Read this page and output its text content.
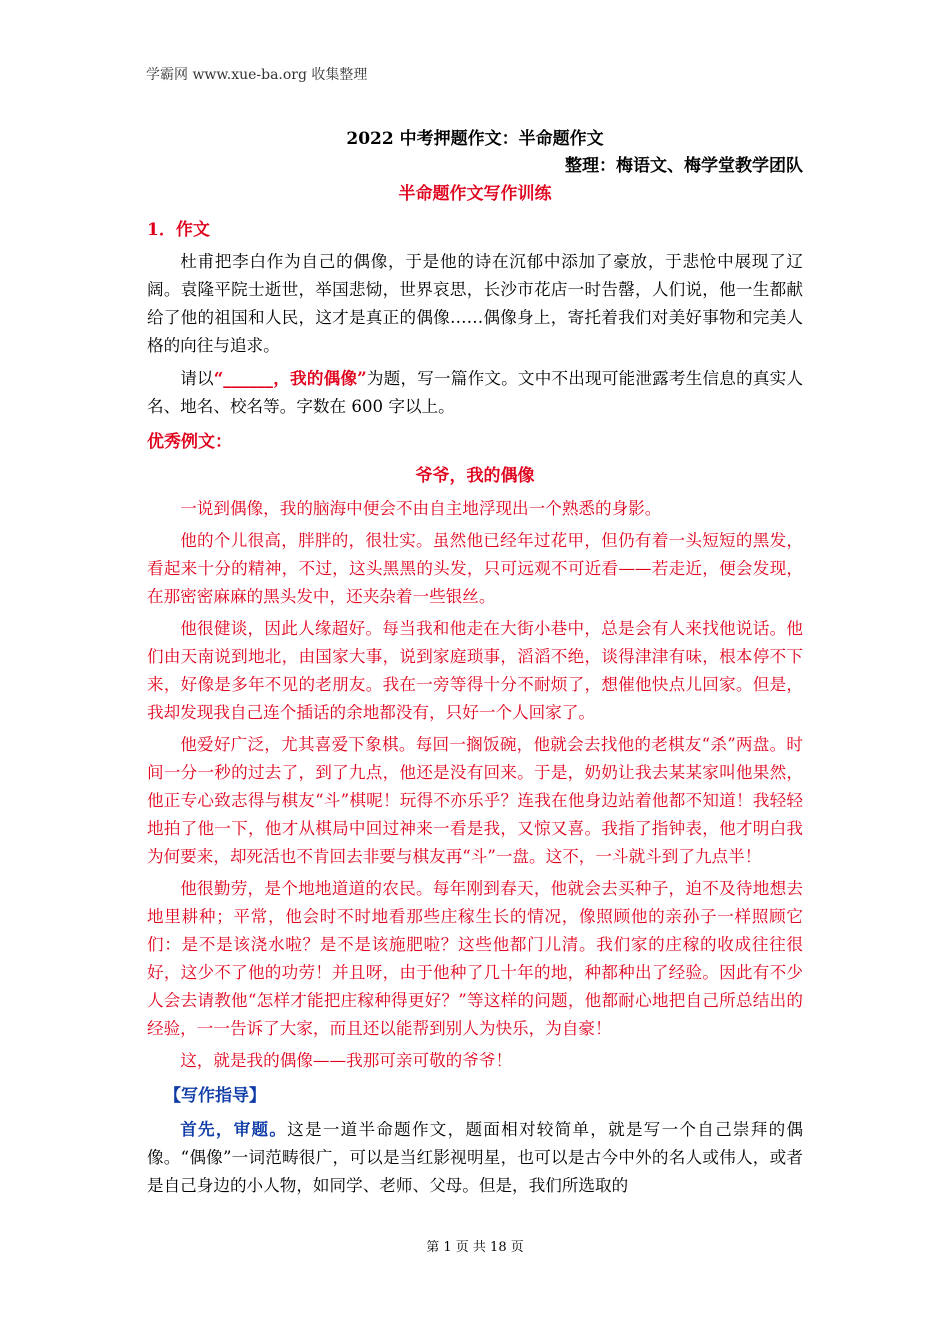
学霸网 www.xue-ba.org 收集整理
2022 中考押题作文：半命题作文
整理：梅语文、梅学堂教学团队
半命题作文写作训练
1．作文

杜甫把李白作为自己的偶像，于是他的诗在沉郁中添加了豪放，于悲怆中展现了辽阔。袁隆平院士逝世，举国悲恸，世界哀思，长沙市花店一时告罄，人们说，他一生都献给了他的祖国和人民，这才是真正的偶像……偶像身上，寄托着我们对美好事物和完美人格的向往与追求。

请以“______，我的偶像”为题，写一篇作文。文中不出现可能泄露考生信息的真实人名、地名、校名等。字数在 600 字以上。

优秀例文：
爷爷，我的偶像

一说到偶像，我的脑海中便会不由自主地浮现出一个熟悉的身影。

他的个儿很高，胖胖的，很壮实。虽然他已经年过花甲，但仍有着一头短短的黑发，看起来十分的精神，不过，这头黑黑的头发，只可远观不可近看——若走近，便会发现，在那密密麻麻的黑头发中，还夹杂着一些银丝。

他很健谈，因此人缘超好。每当我和他走在大街小巷中，总是会有人来找他说话。他们由天南说到地北，由国家大事，说到家庭琐事，滔滔不绝，谈得津津有味，根本停不下来，好像是多年不见的老朋友。我在一旁等得十分不耐烦了，想催他快点儿回家。但是，我却发现我自己连个插话的余地都没有，只好一个人回家了。

他爱好广泛，尤其喜爱下象棋。每回一搁饭碗，他就会去找他的老棋友“杀”两盘。时间一分一秒的过去了，到了九点，他还是没有回来。于是，奶奶让我去某某家叫他果然，他正专心致志得与棋友“斗”棋呢！玩得不亦乐乎？连我在他身边站着他都不知道！我轻轻地拍了他一下，他才从棋局中回过神来一看是我，又惊又喜。我指了指钟表，他才明白我为何要来，却死活也不肯回去非要与棋友再“斗”一盘。这不，一斗就斗到了九点半！

他很勤劳，是个地地道道的农民。每年刚到春天，他就会去买种子，迫不及待地想去地里耕种；平常，他会时不时地看那些庄稼生长的情况，像照顾他的亲孙子一样照顾它们：是不是该浇水啦？是不是该施肥啦？这些他都门儿清。我们家的庄稼的收成往往很好，这少不了他的功劳！并且呀，由于他种了几十年的地，种都种出了经验。因此有不少人会去请教他“怎样才能把庄稼种得更好？”等这样的问题，他都耐心地把自己所总结出的经验，一一告诉了大家，而且还以能帮到别人为快乐，为自豪！

这，就是我的偶像——我那可亲可敬的爷爷！

【写作指导】

首先，审题。这是一道半命题作文，题面相对较简单，就是写一个自己崇拜的偶像。“偶像”一词范畴很广，可以是当红影视明星，也可以是古今中外的名人或伟人，或者是自己身边的小人物，如同学、老师、父母。但是，我们所选取的

第 1 页 共 18 页
